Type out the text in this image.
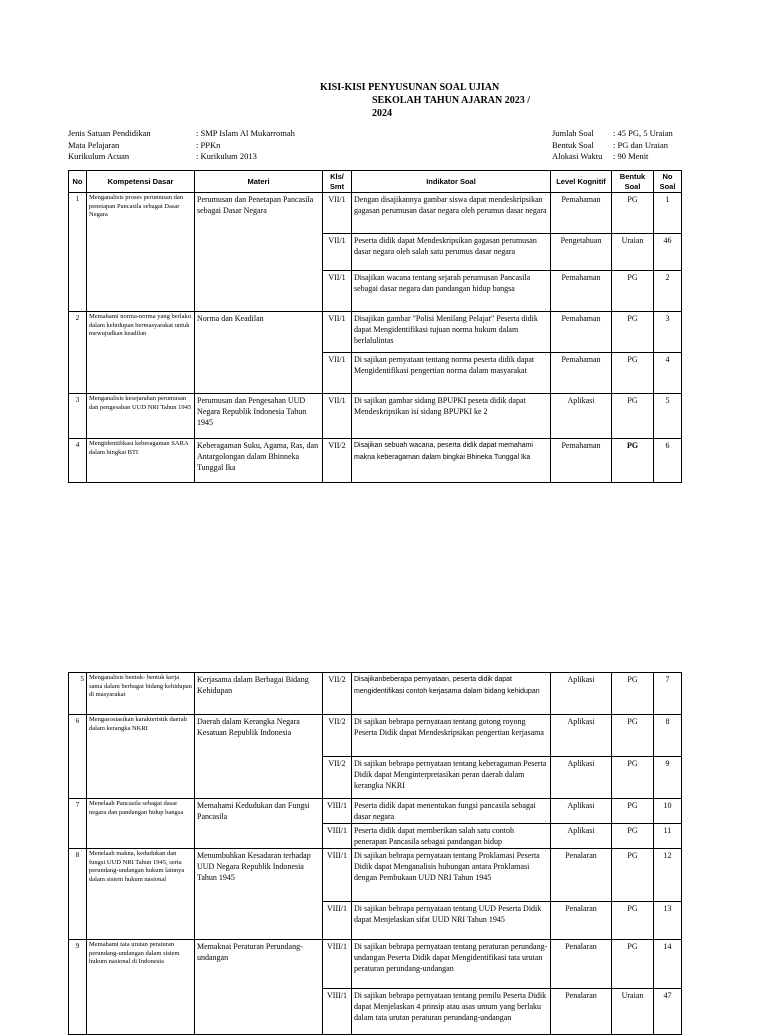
KISI-KISI PENYUSUNAN SOAL UJIAN
SEKOLAH TAHUN AJARAN 2023 /
2024
Jenis Satuan Pendidikan	: SMP Islam Al Mukarromah
Mata Pelajaran	: PPKn
Kurikulum Acuan	: Kurikulum 2013
Jumlah Soal	: 45 PG, 5 Uraian
Bentuk Soal	: PG dan Uraian
Alokasi Waktu	: 90 Menit
No	Kompetensi Dasar	Materi	Kls/ Smt	Indikator Soal	Level Kognitif	Bentuk Soal	No Soal
1	Menganalisis proses perumusan dan penetapan Pancasila sebagai Dasar Negara	Perumusan dan Penetapan Pancasila sebagai Dasar Negara	VII/1	Dengan disajikannya gambar siswa dapat mendeskripsikan gagasan perumusan dasar negara oleh perumus dasar negara	Pemahaman	PG	1
			VII/1	Peserta didik dapat Mendeskripsikan gagasan perumusan dasar negara oleh salah satu perumus dasar negara	Pengetahuan	Uraian	46
			VII/1	Disajikan wacana tentang sejarah perumusan Pancasila sebagai dasar negara dan pandangan hidup bangsa	Pemahaman	PG	2
2	Memahami norma-norma yang berlaku dalam kehidupan bermasyarakat untuk mewujudkan keadilan	Norma dan Keadilan	VII/1	Disajikan gambar "Polisi Menilang Pelajar" Peserta didik dapat Mengidentifikasi tujuan norma hukum dalam berlalulintas	Pemahaman	PG	3
			VII/1	Di sajikan pernyataan tentang norma peserta didik dapat Mengidentifikasi pengertian norma dalam masyarakat	Pemahaman	PG	4
3	Menganalisis kesejarahan perumusan dan pengesahan UUD NRI Tahun 1945	Perumusan dan Pengesahan UUD Negara Republik Indonesia Tahun 1945	VII/1	Di sajikan gambar sidang BPUPKI peseta didik dapat Mendeskripsikan isi sidang BPUPKI ke 2	Aplikasi	PG	5
4	Mengidentifikasi keberagaman SARA dalam bingkai BTI	Keberagaman Suku, Agama, Ras, dan Antargolongan dalam Bhinneka Tunggal Ika	VII/2	Disajikan sebuah wacana, peserta didik dapat memahami makna keberagaman dalam bingkai Bhineka Tunggal Ika	Pemahaman	PG	6
5	Menganalisis bentuk- bentuk kerja sama dalam berbagai bidang kehidupan di masyarakat	Kerjasama dalam Berbagai Bidang Kehidupan	VII/2	Disajikanbeberapa pernyataan, peserta didik dapat mengidentifikasi contoh kerjasama dalam bidang kehidupan	Aplikasi	PG	7
6	Mengasosiasikan karakteristik daerah dalam kerangka NKRI	Daerah dalam Kerangka Negara Kesatuan Republik Indonesia	VII/2	Di sajikan bebrapa pernyataan tentang gotong royong Peserta Didik dapat Mendeskripsikan pengertian kerjasama	Aplikasi	PG	8
			VII/2	Di sajikan bebrapa pernyataan tentang keberagaman Peserta Didik dapat Menginterpretasikan peran daerah dalam kerangka NKRI	Aplikasi	PG	9
7	Menelaah Pancasila sebagai dasar negara dan pandangan hidup bangsa	Memahami Kedudukan dan Fungsi Pancasila	VIII/1	Peserta didik dapat menentukan fungsi pancasila sebagai dasar negara	Aplikasi	PG	10
			VIII/1	Peserta didik dapat memberikan salah satu contoh penerapan Pancasila sebagai pandangan hidup	Aplikasi	PG	11
8	Menelaah makna, kedudukan dan fungsi UUD NRI Tahun 1945, serta perundang-undangan hukum lainnya dalam sistem hukum nasional	Menumbuhkan Kesadaran terhadap UUD Negara Republik Indonesia Tahun 1945	VIII/1	Di sajikan bebrapa pernyataan tentang Proklamasi Peserta Didik dapat Menganalisis hubungan antara Proklamasi dengan Pembukaan UUD NRI Tahun 1945	Penalaran	PG	12
			VIII/1	Di sajikan bebrapa pernyataan tentang UUD Peserta Didik dapat Menjelaskan sifat UUD NRI Tahun 1945	Penalaran	PG	13
9	Memahami tata urutan peraturan perundang-undangan dalam sistem hukum nasional di Indonesia	Memaknai Peraturan Perundang-undangan	VIII/1	Di sajikan bebrapa pernyataan tentang peraturan perundang-undangan Peserta Didik dapat Mengidentifikasi tata urutan peraturan perundang-undangan	Penalaran	PG	14
			VIII/1	Di sajikan bebrapa pernyataan tentang pemilu Peserta Didik dapat Menjelaskan 4 prinsip atau asas umum yang berlaku dalam tata urutan peraturan perundang-undangan	Penalaran	Uraian	47
